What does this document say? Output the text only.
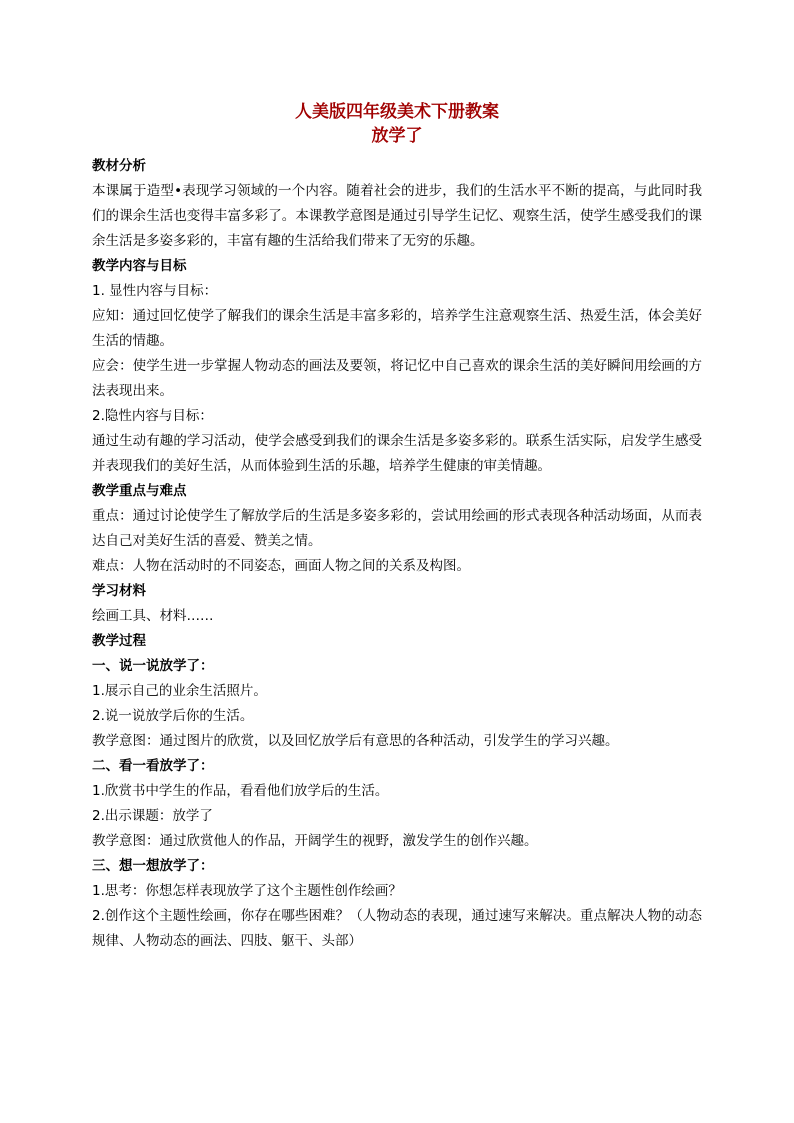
人美版四年级美术下册教案
放学了

教材分析

本课属于造型•表现学习领域的一个内容。随着社会的进步，我们的生活水平不断的提高，与此同时我们的课余生活也变得丰富多彩了。本课教学意图是通过引导学生记忆、观察生活，使学生感受我们的课余生活是多姿多彩的，丰富有趣的生活给我们带来了无穷的乐趣。

教学内容与目标

1. 显性内容与目标：

应知：通过回忆使学了解我们的课余生活是丰富多彩的，培养学生注意观察生活、热爱生活，体会美好生活的情趣。

应会：使学生进一步掌握人物动态的画法及要领，将记忆中自己喜欢的课余生活的美好瞬间用绘画的方法表现出来。

2.隐性内容与目标：

通过生动有趣的学习活动，使学会感受到我们的课余生活是多姿多彩的。联系生活实际，启发学生感受并表现我们的美好生活，从而体验到生活的乐趣，培养学生健康的审美情趣。

教学重点与难点

重点：通过讨论使学生了解放学后的生活是多姿多彩的，尝试用绘画的形式表现各种活动场面，从而表达自己对美好生活的喜爱、赞美之情。

难点：人物在活动时的不同姿态，画面人物之间的关系及构图。

学习材料

绘画工具、材料……

教学过程

一、说一说放学了：

1.展示自己的业余生活照片。

2.说一说放学后你的生活。

教学意图：通过图片的欣赏，以及回忆放学后有意思的各种活动，引发学生的学习兴趣。

二、看一看放学了：

1.欣赏书中学生的作品，看看他们放学后的生活。

2.出示课题：放学了

教学意图：通过欣赏他人的作品，开阔学生的视野，激发学生的创作兴趣。

三、想一想放学了：

1.思考：你想怎样表现放学了这个主题性创作绘画？

2.创作这个主题性绘画，你存在哪些困难？（人物动态的表现，通过速写来解决。重点解决人物的动态规律、人物动态的画法、四肢、躯干、头部）
